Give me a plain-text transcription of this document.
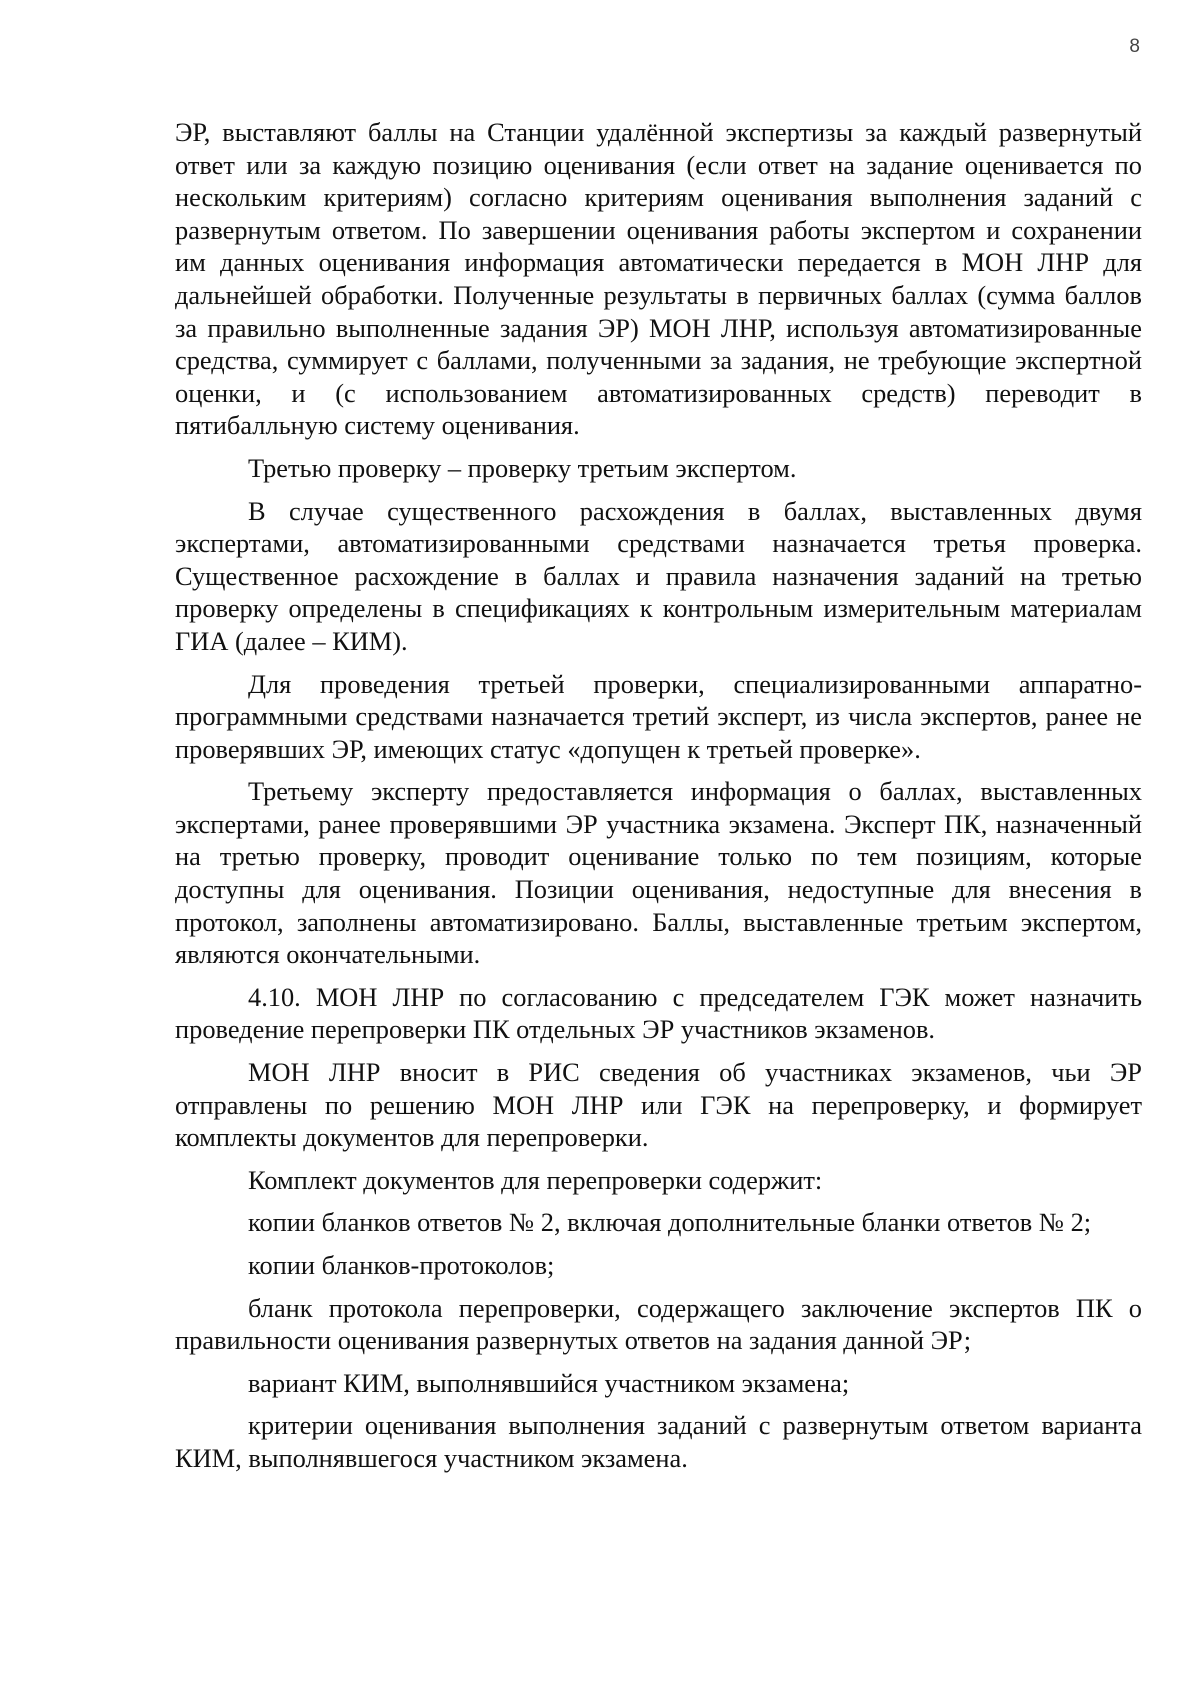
8

ЭР, выставляют баллы на Станции удалённой экспертизы за каждый развернутый ответ или за каждую позицию оценивания (если ответ на задание оценивается по нескольким критериям) согласно критериям оценивания выполнения заданий с развернутым ответом. По завершении оценивания работы экспертом и сохранении им данных оценивания информация автоматически передается в МОН ЛНР для дальнейшей обработки. Полученные результаты в первичных баллах (сумма баллов за правильно выполненные задания ЭР) МОН ЛНР, используя автоматизированные средства, суммирует с баллами, полученными за задания, не требующие экспертной оценки, и (с использованием автоматизированных средств) переводит в пятибалльную систему оценивания.

Третью проверку – проверку третьим экспертом.

В случае существенного расхождения в баллах, выставленных двумя экспертами, автоматизированными средствами назначается третья проверка. Существенное расхождение в баллах и правила назначения заданий на третью проверку определены в спецификациях к контрольным измерительным материалам ГИА (далее – КИМ).

Для проведения третьей проверки, специализированными аппаратно-программными средствами назначается третий эксперт, из числа экспертов, ранее не проверявших ЭР, имеющих статус «допущен к третьей проверке».

Третьему эксперту предоставляется информация о баллах, выставленных экспертами, ранее проверявшими ЭР участника экзамена. Эксперт ПК, назначенный на третью проверку, проводит оценивание только по тем позициям, которые доступны для оценивания. Позиции оценивания, недоступные для внесения в протокол, заполнены автоматизировано. Баллы, выставленные третьим экспертом, являются окончательными.

4.10. МОН ЛНР по согласованию с председателем ГЭК может назначить проведение перепроверки ПК отдельных ЭР участников экзаменов.

МОН ЛНР вносит в РИС сведения об участниках экзаменов, чьи ЭР отправлены по решению МОН ЛНР или ГЭК на перепроверку, и формирует комплекты документов для перепроверки.

Комплект документов для перепроверки содержит:

копии бланков ответов № 2, включая дополнительные бланки ответов № 2;

копии бланков-протоколов;

бланк протокола перепроверки, содержащего заключение экспертов ПК о правильности оценивания развернутых ответов на задания данной ЭР;

вариант КИМ, выполнявшийся участником экзамена;

критерии оценивания выполнения заданий с развернутым ответом варианта КИМ, выполнявшегося участником экзамена.
